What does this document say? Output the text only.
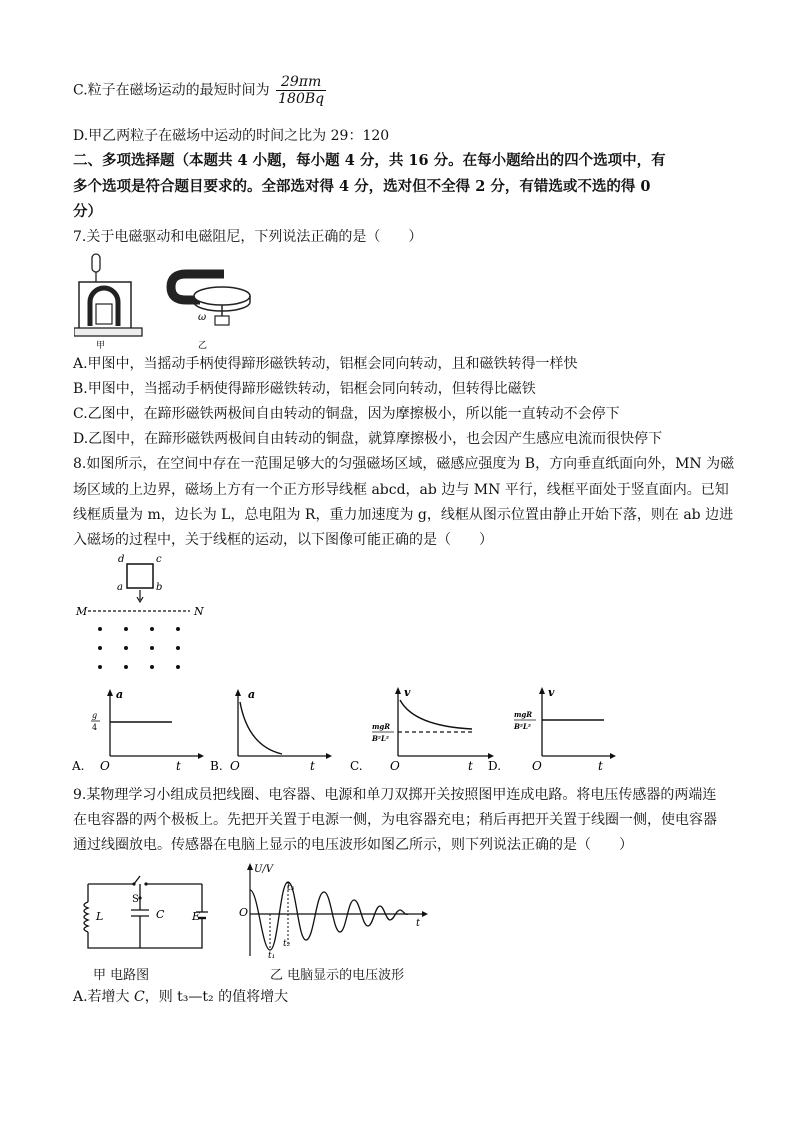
C.粒子在磁场运动的最短时间为 $\frac{29\pi m}{180Bq}$
D.甲乙两粒子在磁场中运动的时间之比为 29：120
二、多项选择题（本题共 4 小题，每小题 4 分，共 16 分。在每小题给出的四个选项中，有
多个选项是符合题目要求的。全部选对得 4 分，选对但不全得 2 分，有错选或不选的得 0
分）
7.关于电磁驱动和电磁阻尼，下列说法正确的是（　　）
甲
ω
乙
A.甲图中，当摇动手柄使得蹄形磁铁转动，铝框会同向转动，且和磁铁转得一样快
B.甲图中，当摇动手柄使得蹄形磁铁转动，铝框会同向转动，但转得比磁铁
C.乙图中，在蹄形磁铁两极间自由转动的铜盘，因为摩擦极小，所以能一直转动不会停下
D.乙图中，在蹄形磁铁两极间自由转动的铜盘，就算摩擦极小，也会因产生感应电流而很快停下
8.如图所示，在空间中存在一范围足够大的匀强磁场区域，磁感应强度为 B，方向垂直纸面向外，MN 为磁
场区域的上边界，磁场上方有一个正方形导线框 abcd，ab 边与 MN 平行，线框平面处于竖直面内。已知
线框质量为 m，边长为 L，总电阻为 R，重力加速度为 g，线框从图示位置由静止开始下落，则在 ab 边进
入磁场的过程中，关于线框的运动，以下图像可能正确的是（　　）
d	c
a	b
M	N
a
g
4
O	t
A.
a
O	t
B.
v
mgR
B²L²
O	t
C.
v
mgR
B²L²
O	t
D.
9.某物理学习小组成员把线圈、电容器、电源和单刀双掷开关按照图甲连成电路。将电压传感器的两端连
在电容器的两个极板上。先把开关置于电源一侧，为电容器充电；稍后再把开关置于线圈一侧，使电容器
通过线圈放电。传感器在电脑上显示的电压波形如图乙所示，则下列说法正确的是（　　）
L
S
C	E
甲 电路图
U/V
O
t
t₁
t₂
t₃
乙 电脑显示的电压波形
A.若增大 C，则 t₃—t₂ 的值将增大
